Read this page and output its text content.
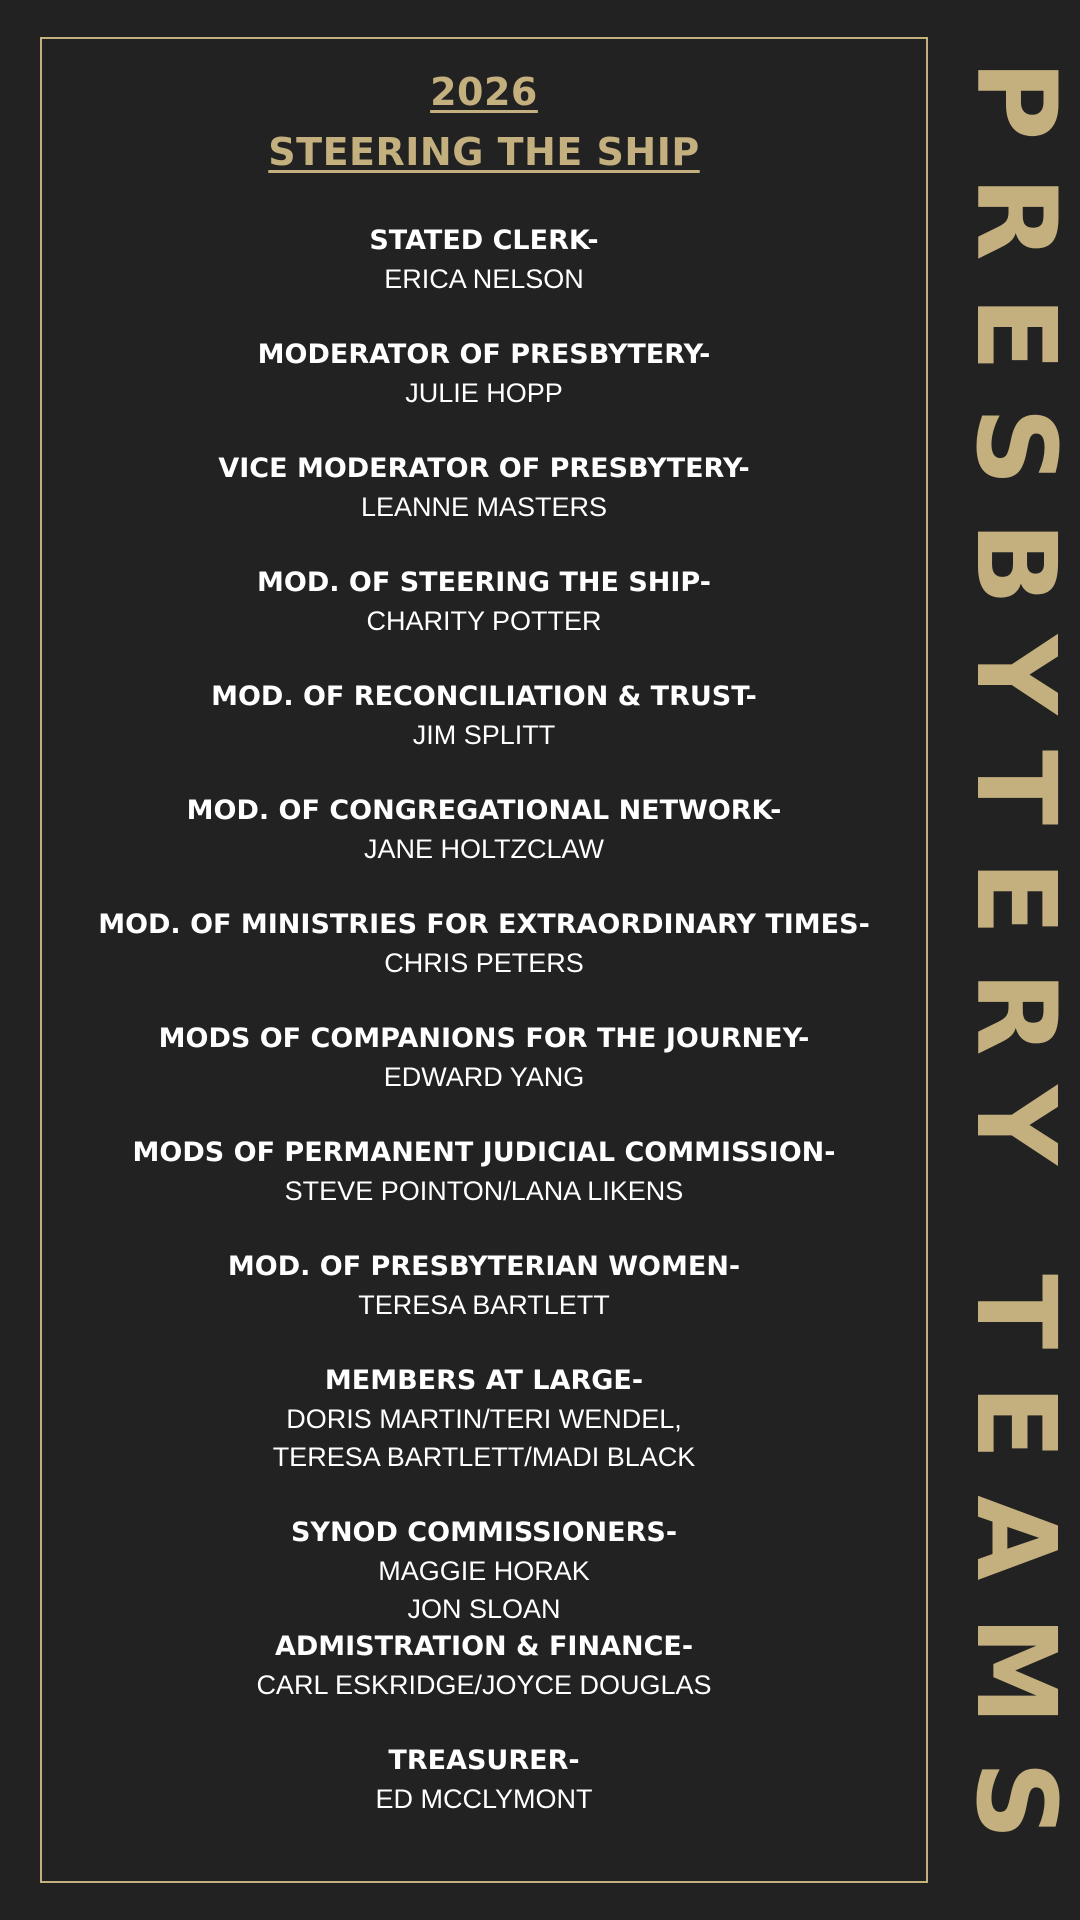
2026
STEERING THE SHIP
STATED CLERK-
ERICA NELSON
MODERATOR OF PRESBYTERY-
JULIE HOPP
VICE MODERATOR OF PRESBYTERY-
LEANNE MASTERS
MOD. OF STEERING THE SHIP-
CHARITY POTTER
MOD. OF RECONCILIATION & TRUST-
JIM SPLITT
MOD. OF CONGREGATIONAL NETWORK-
JANE HOLTZCLAW
MOD. OF MINISTRIES FOR EXTRAORDINARY TIMES-
CHRIS PETERS
MODS OF COMPANIONS FOR THE JOURNEY-
EDWARD YANG
MODS OF PERMANENT JUDICIAL COMMISSION-
STEVE POINTON/LANA LIKENS
MOD. OF PRESBYTERIAN WOMEN-
TERESA BARTLETT
MEMBERS AT LARGE-
DORIS MARTIN/TERI WENDEL,
TERESA BARTLETT/MADI BLACK
SYNOD COMMISSIONERS-
MAGGIE HORAK
JON SLOAN
ADMISTRATION & FINANCE-
CARL ESKRIDGE/JOYCE DOUGLAS
TREASURER-
ED MCCLYMONT
PRESBYTERY TEAMS
